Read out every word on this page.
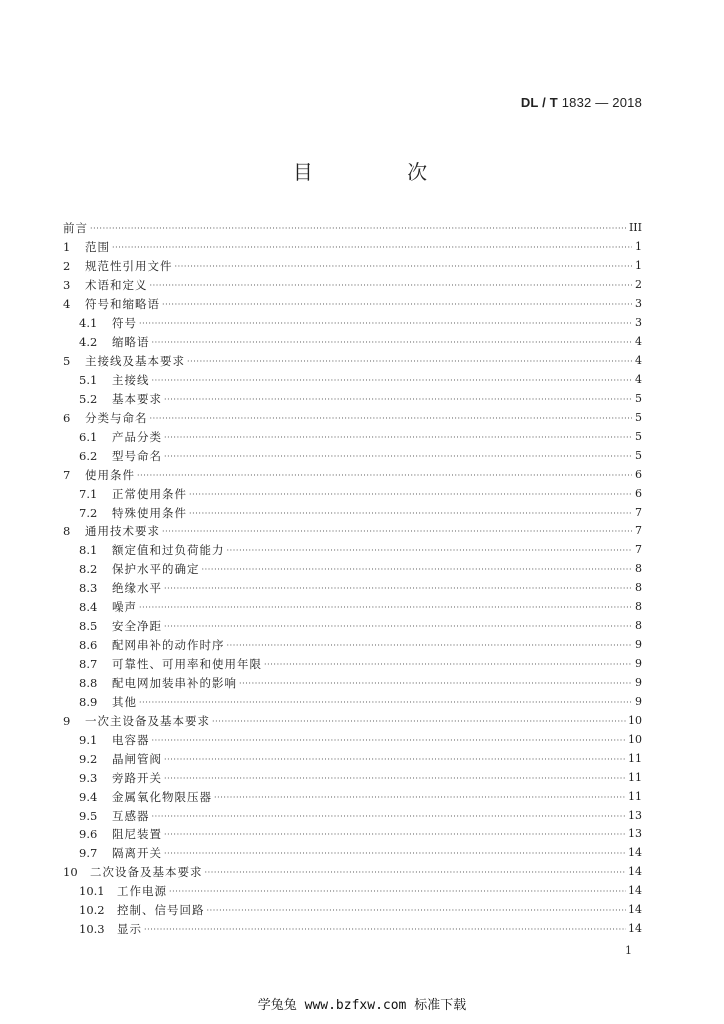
DL / T 1832 — 2018
目 次
前言 ·····	III
1	范围 ·····	1
2	规范性引用文件 ·····	1
3	术语和定义 ·····	2
4	符号和缩略语 ·····	3
4.1	符号 ·····	3
4.2	缩略语 ·····	4
5	主接线及基本要求 ·····	4
5.1	主接线 ·····	4
5.2	基本要求 ·····	5
6	分类与命名 ·····	5
6.1	产品分类 ·····	5
6.2	型号命名 ·····	5
7	使用条件 ·····	6
7.1	正常使用条件 ·····	6
7.2	特殊使用条件 ·····	7
8	通用技术要求 ·····	7
8.1	额定值和过负荷能力 ·····	7
8.2	保护水平的确定 ·····	8
8.3	绝缘水平 ·····	8
8.4	噪声 ·····	8
8.5	安全净距 ·····	8
8.6	配网串补的动作时序 ·····	9
8.7	可靠性、可用率和使用年限 ·····	9
8.8	配电网加装串补的影响 ·····	9
8.9	其他 ·····	9
9	一次主设备及基本要求 ·····	10
9.1	电容器 ·····	10
9.2	晶闸管阀 ·····	11
9.3	旁路开关 ·····	11
9.4	金属氧化物限压器 ·····	11
9.5	互感器 ·····	13
9.6	阻尼装置 ·····	13
9.7	隔离开关 ·····	14
10	二次设备及基本要求 ·····	14
10.1	工作电源 ·····	14
10.2	控制、信号回路 ·····	14
10.3	显示 ·····	14
1
学兔兔 www.bzfxw.com 标准下载
